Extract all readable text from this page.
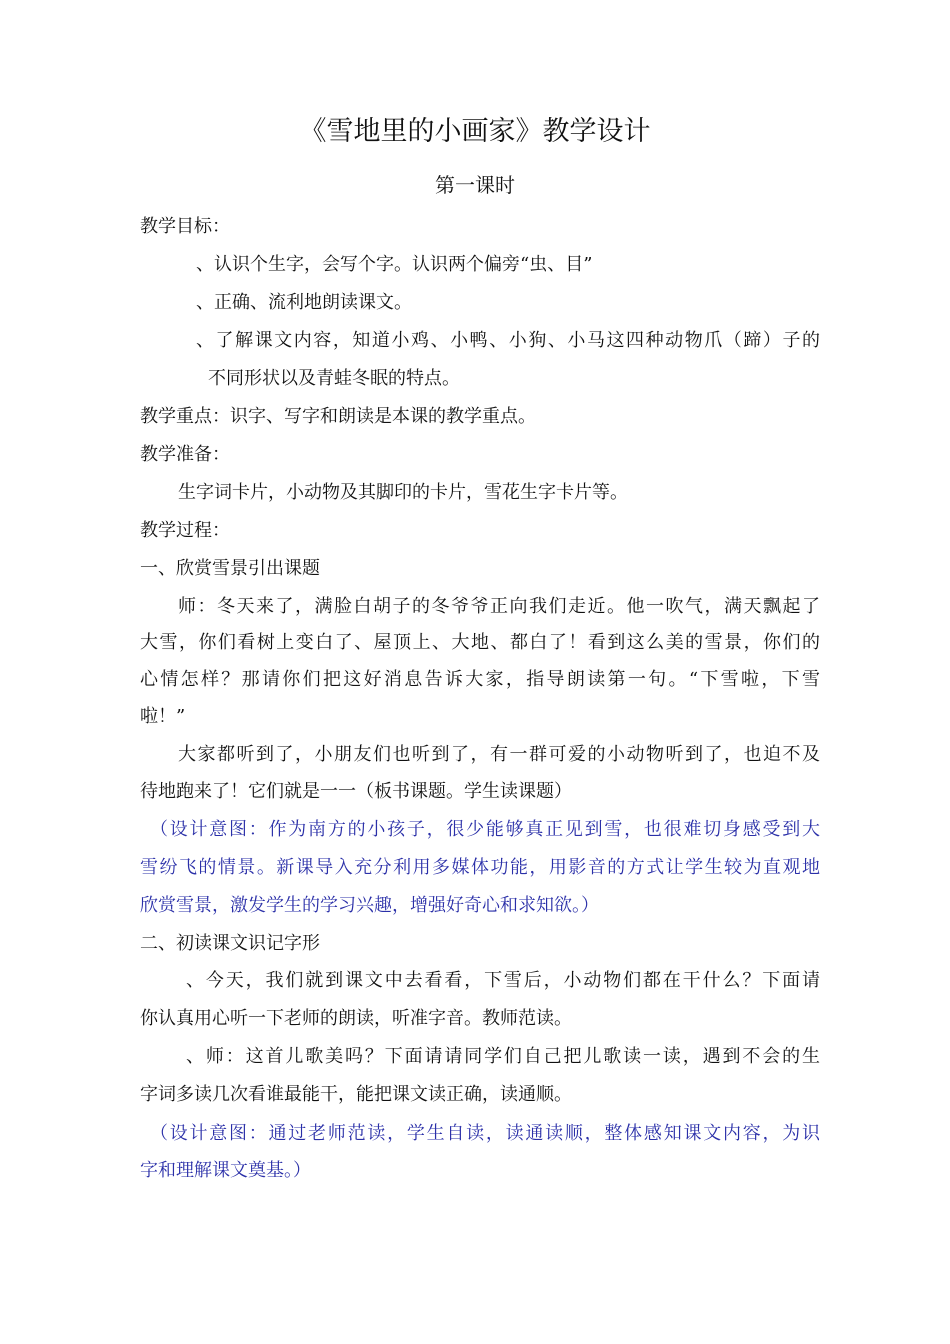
《雪地里的小画家》教学设计
第一课时
教学目标：
、认识个生字，会写个字。认识两个偏旁“虫、目”
、正确、流利地朗读课文。
、了解课文内容，知道小鸡、小鸭、小狗、小马这四种动物爪（蹄）子的
不同形状以及青蛙冬眠的特点。
教学重点：识字、写字和朗读是本课的教学重点。
教学准备：
生字词卡片，小动物及其脚印的卡片，雪花生字卡片等。
教学过程：
一、欣赏雪景引出课题
师：冬天来了，满脸白胡子的冬爷爷正向我们走近。他一吹气，满天飘起了
大雪，你们看树上变白了、屋顶上、大地、都白了！看到这么美的雪景，你们的
心情怎样？那请你们把这好消息告诉大家，指导朗读第一句。“下雪啦，下雪
啦！”
大家都听到了，小朋友们也听到了，有一群可爱的小动物听到了，也迫不及
待地跑来了！它们就是一一（板书课题。学生读课题）
（设计意图：作为南方的小孩子，很少能够真正见到雪，也很难切身感受到大
雪纷飞的情景。新课导入充分利用多媒体功能，用影音的方式让学生较为直观地
欣赏雪景，激发学生的学习兴趣，增强好奇心和求知欲。）
二、初读课文识记字形
、今天，我们就到课文中去看看，下雪后，小动物们都在干什么？下面请
你认真用心听一下老师的朗读，听准字音。教师范读。
、师：这首儿歌美吗？下面请请同学们自己把儿歌读一读，遇到不会的生
字词多读几次看谁最能干，能把课文读正确，读通顺。
（设计意图：通过老师范读，学生自读，读通读顺，整体感知课文内容，为识
字和理解课文奠基。）
